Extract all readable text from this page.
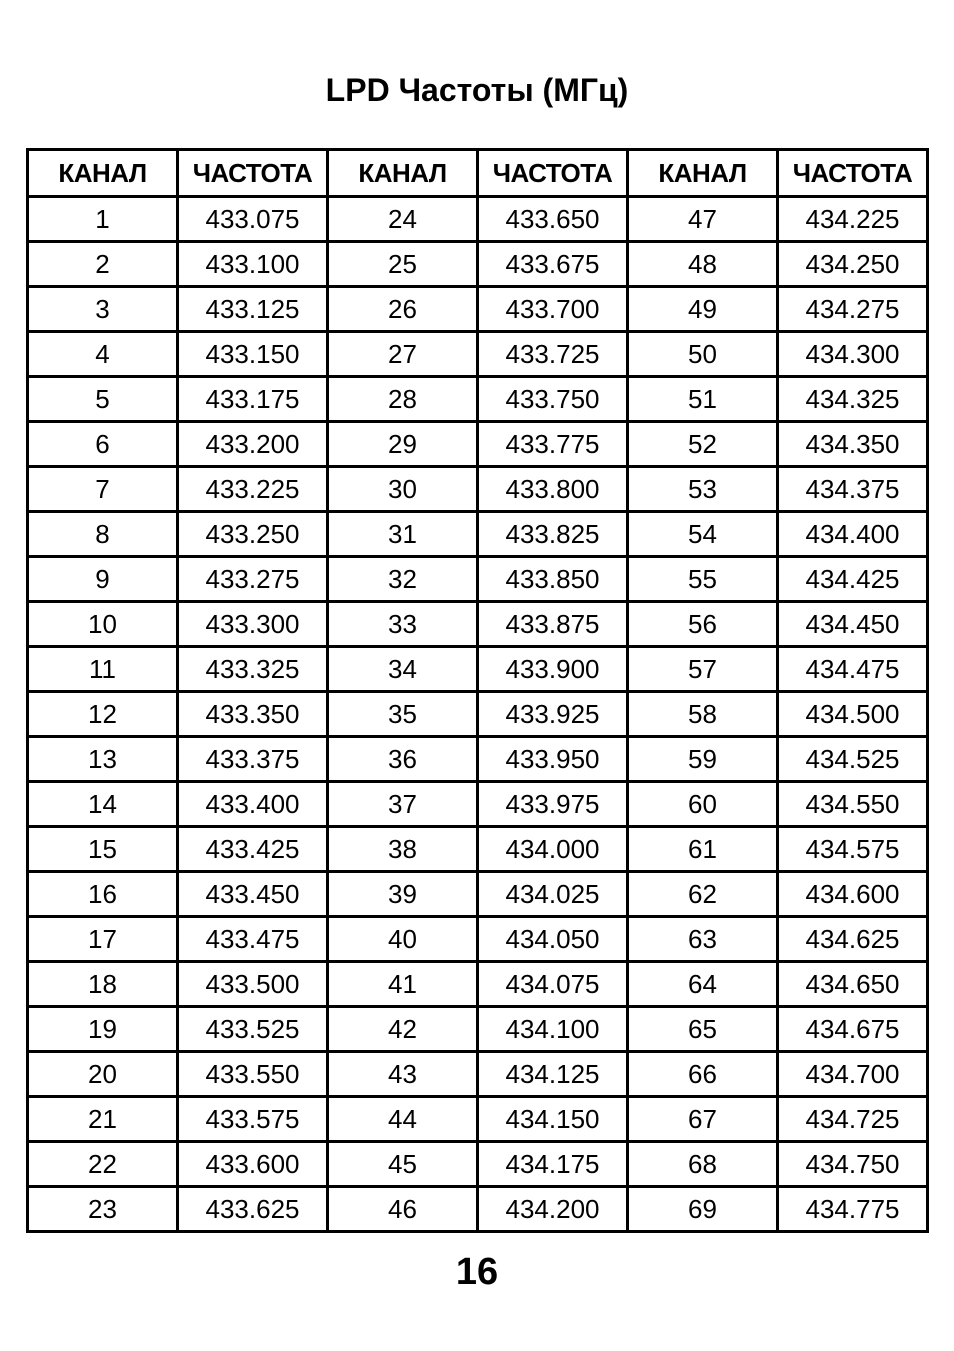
LPD Частоты (МГц)
КАНАЛ	ЧАСТОТА	КАНАЛ	ЧАСТОТА	КАНАЛ	ЧАСТОТА
1	433.075	24	433.650	47	434.225
2	433.100	25	433.675	48	434.250
3	433.125	26	433.700	49	434.275
4	433.150	27	433.725	50	434.300
5	433.175	28	433.750	51	434.325
6	433.200	29	433.775	52	434.350
7	433.225	30	433.800	53	434.375
8	433.250	31	433.825	54	434.400
9	433.275	32	433.850	55	434.425
10	433.300	33	433.875	56	434.450
11	433.325	34	433.900	57	434.475
12	433.350	35	433.925	58	434.500
13	433.375	36	433.950	59	434.525
14	433.400	37	433.975	60	434.550
15	433.425	38	434.000	61	434.575
16	433.450	39	434.025	62	434.600
17	433.475	40	434.050	63	434.625
18	433.500	41	434.075	64	434.650
19	433.525	42	434.100	65	434.675
20	433.550	43	434.125	66	434.700
21	433.575	44	434.150	67	434.725
22	433.600	45	434.175	68	434.750
23	433.625	46	434.200	69	434.775
16
